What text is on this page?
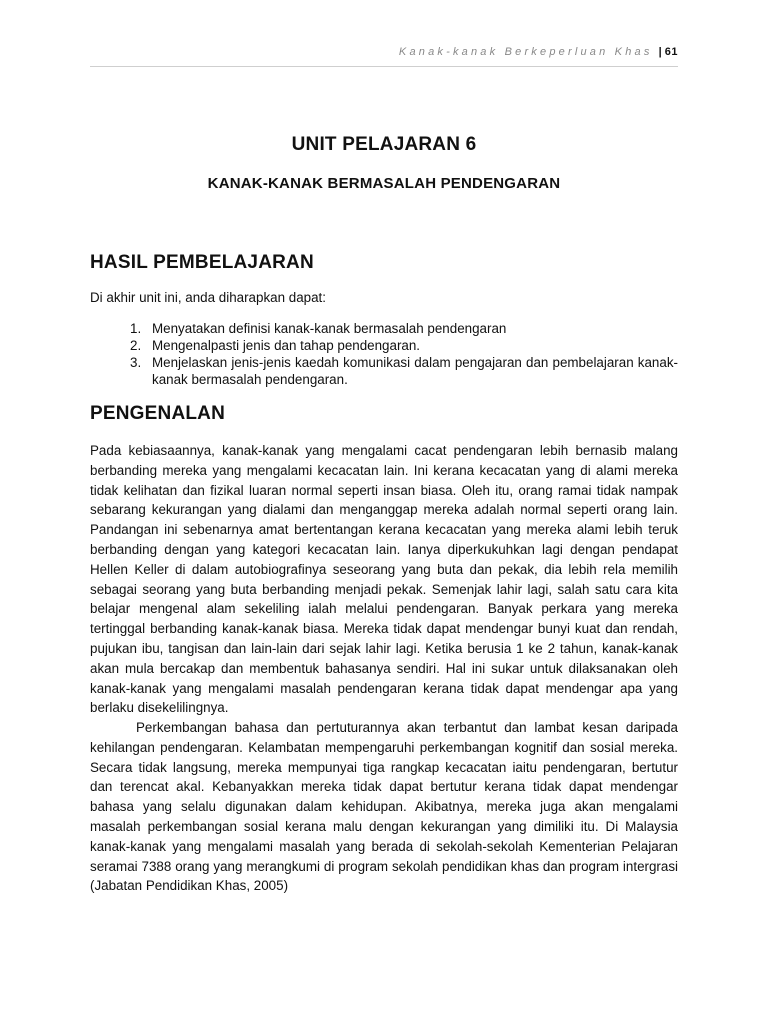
Kanak-kanak Berkeperluan Khas | 61
UNIT PELAJARAN 6
KANAK-KANAK BERMASALAH PENDENGARAN
HASIL PEMBELAJARAN
Di akhir unit ini, anda diharapkan dapat:
1. Menyatakan definisi kanak-kanak bermasalah pendengaran
2. Mengenalpasti jenis dan tahap pendengaran.
3. Menjelaskan jenis-jenis kaedah komunikasi dalam pengajaran dan pembelajaran kanak-kanak bermasalah pendengaran.
PENGENALAN

Pada kebiasaannya, kanak-kanak yang mengalami cacat pendengaran lebih bernasib malang berbanding mereka yang mengalami kecacatan lain. Ini kerana kecacatan yang di alami mereka tidak kelihatan dan fizikal luaran normal seperti insan biasa. Oleh itu, orang ramai tidak nampak sebarang kekurangan yang dialami dan menganggap mereka adalah normal seperti orang lain. Pandangan ini sebenarnya amat bertentangan kerana kecacatan yang mereka alami lebih teruk berbanding dengan yang kategori kecacatan lain. Ianya diperkukuhkan lagi dengan pendapat Hellen Keller di dalam autobiografinya seseorang yang buta dan pekak, dia lebih rela memilih sebagai seorang yang buta berbanding menjadi pekak. Semenjak lahir lagi, salah satu cara kita belajar mengenal alam sekeliling ialah melalui pendengaran. Banyak perkara yang mereka tertinggal berbanding kanak-kanak biasa. Mereka tidak dapat mendengar bunyi kuat dan rendah, pujukan ibu, tangisan dan lain-lain dari sejak lahir lagi. Ketika berusia 1 ke 2 tahun, kanak-kanak akan mula bercakap dan membentuk bahasanya sendiri. Hal ini sukar untuk dilaksanakan oleh kanak-kanak yang mengalami masalah pendengaran kerana tidak dapat mendengar apa yang berlaku disekelilingnya.

Perkembangan bahasa dan pertuturannya akan terbantut dan lambat kesan daripada kehilangan pendengaran. Kelambatan mempengaruhi perkembangan kognitif dan sosial mereka. Secara tidak langsung, mereka mempunyai tiga rangkap kecacatan iaitu pendengaran, bertutur dan terencat akal. Kebanyakkan mereka tidak dapat bertutur kerana tidak dapat mendengar bahasa yang selalu digunakan dalam kehidupan. Akibatnya, mereka juga akan mengalami masalah perkembangan sosial kerana malu dengan kekurangan yang dimiliki itu. Di Malaysia kanak-kanak yang mengalami masalah yang berada di sekolah-sekolah Kementerian Pelajaran seramai 7388 orang yang merangkumi di program sekolah pendidikan khas dan program intergrasi (Jabatan Pendidikan Khas, 2005)
